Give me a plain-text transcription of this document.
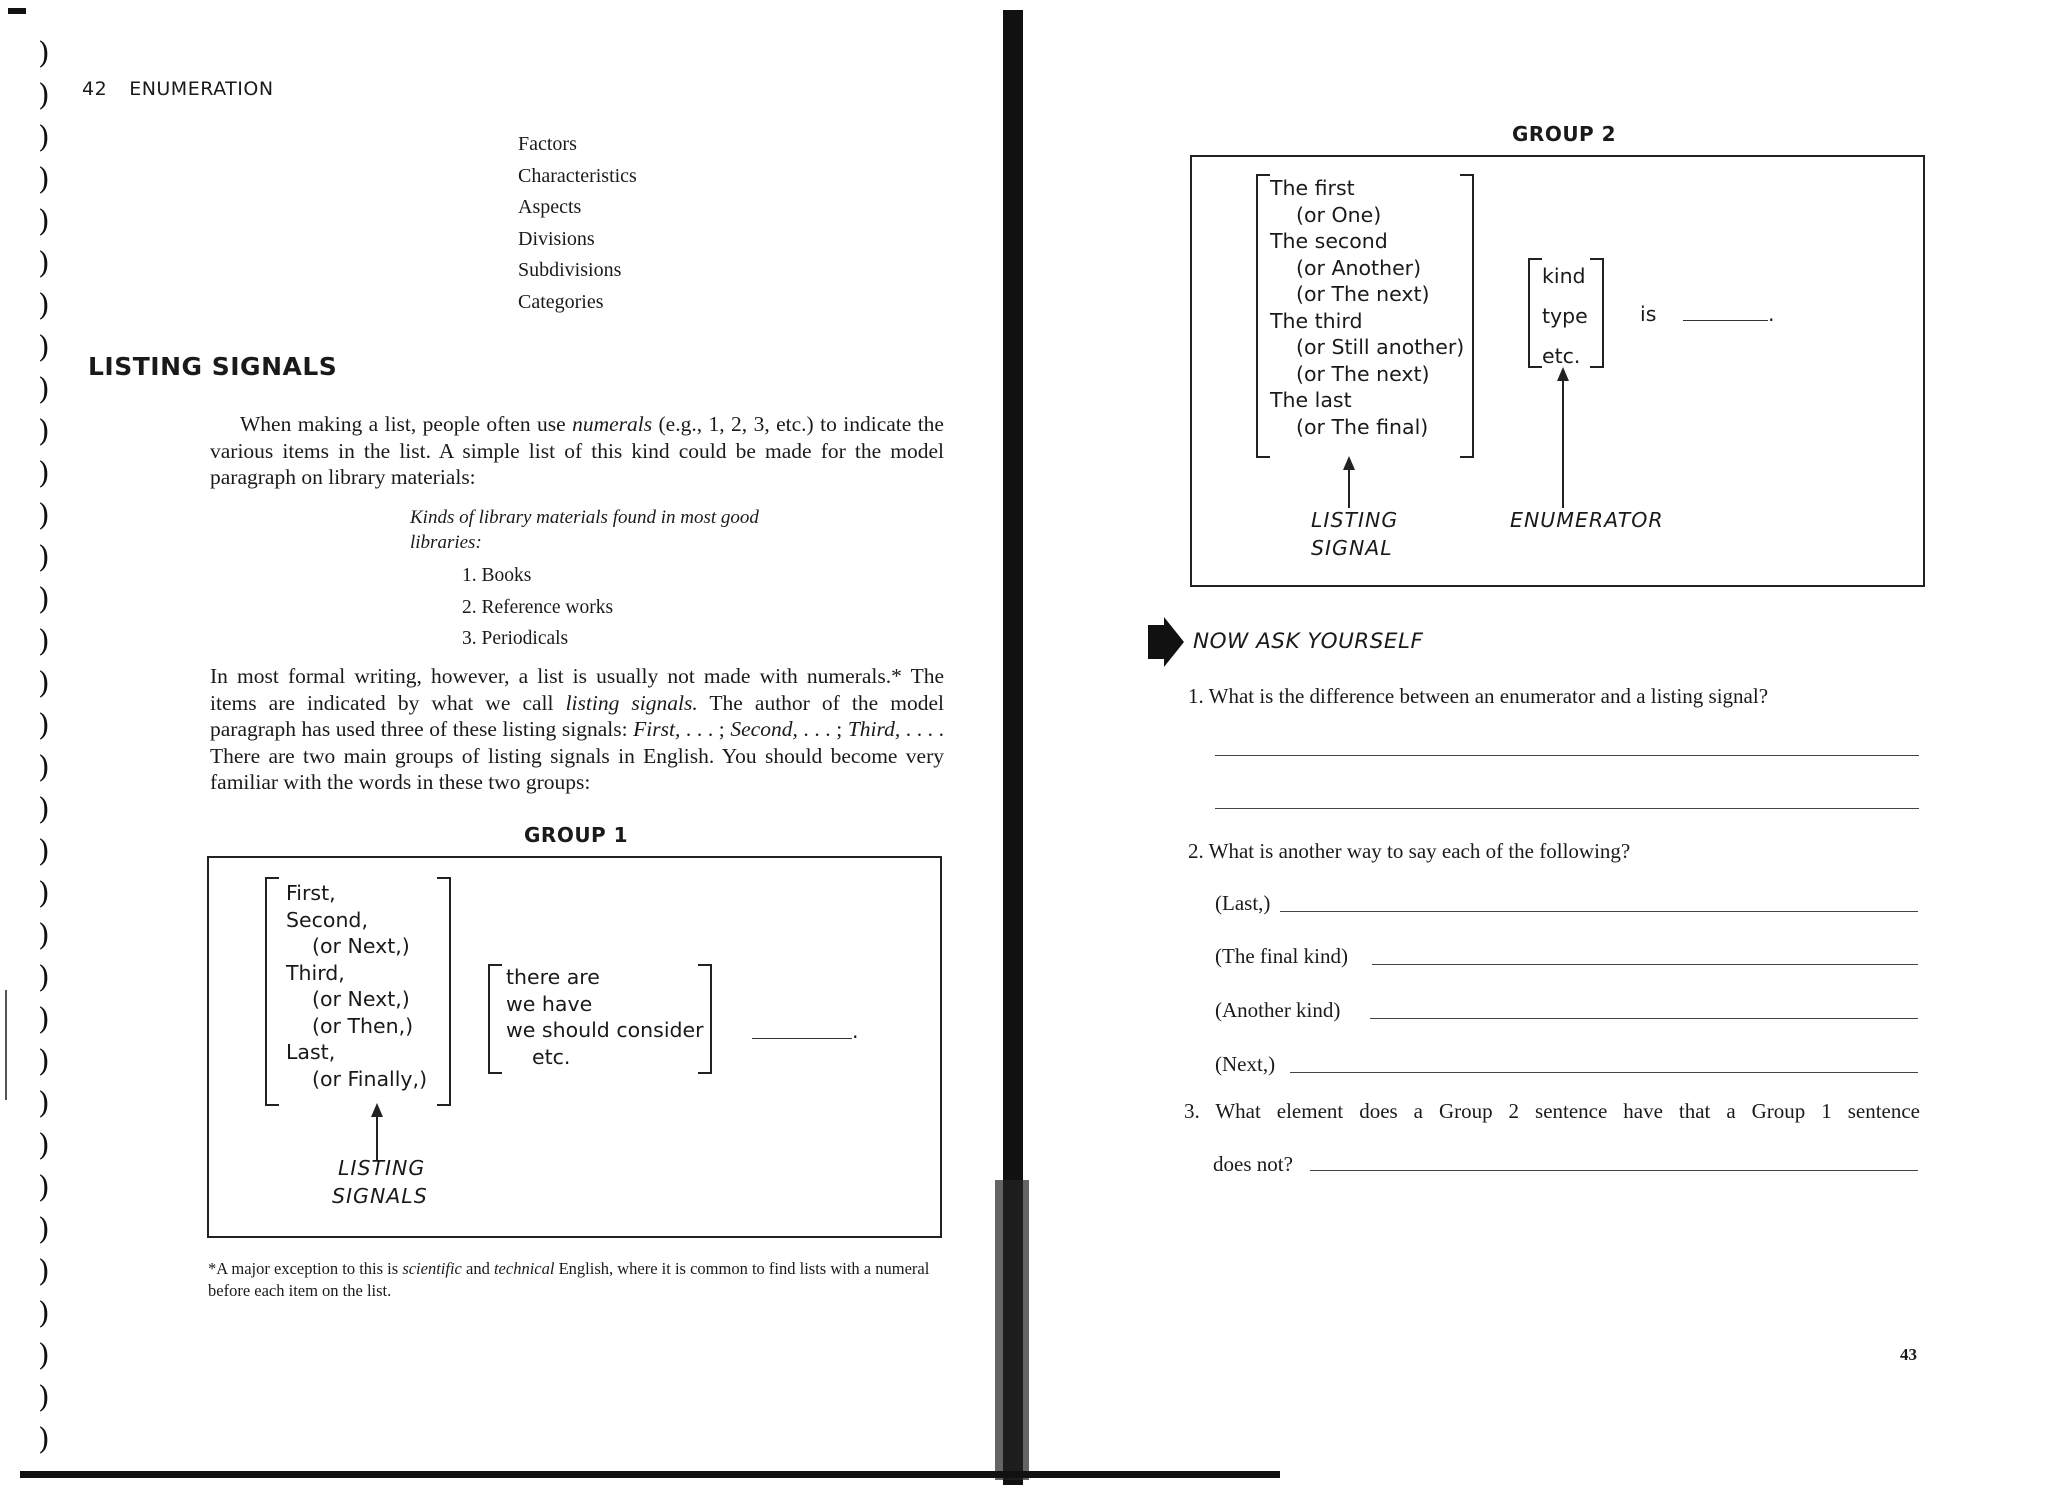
)
)
)
)
)
)
)
)
)
)
)
)
)
)
)
)
)
)
)
)
)
)
)
)
)
)
)
)
)
)
)
)
)
)
42 ENUMERATION
Factors
Characteristics
Aspects
Divisions
Subdivisions
Categories
LISTING SIGNALS

When making a list, people often use numerals (e.g., 1, 2, 3, etc.) to indicate the various items in the list. A simple list of this kind could be made for the model paragraph on library materials:

Kinds of library materials found in most good libraries:
1. Books
2. Reference works
3. Periodicals

In most formal writing, however, a list is usually not made with numerals.* The items are indicated by what we call listing signals. The author of the model paragraph has used three of these listing signals: First, . . . ; Second, . . . ; Third, . . . . There are two main groups of listing signals in English. You should become very familiar with the words in these two groups:

GROUP 1
First,
Second,
(or Next,)
Third,
(or Next,)
(or Then,)
Last,
(or Finally,)
there are
we have
we should consider
etc.
.
LISTING
SIGNALS
*A major exception to this is scientific and technical English, where it is common to find lists with a numeral before each item on the list.
GROUP 2
The first
(or One)
The second
(or Another)
(or The next)
The third
(or Still another)
(or The next)
The last
(or The final)
kind
type
etc.
is	.
LISTING
SIGNAL
ENUMERATOR
NOW ASK YOURSELF
1. What is the difference between an enumerator and a listing signal?
2. What is another way to say each of the following?
(Last,)
(The final kind)
(Another kind)
(Next,)
3. What element does a Group 2 sentence have that a Group 1 sentence
does not?
43
